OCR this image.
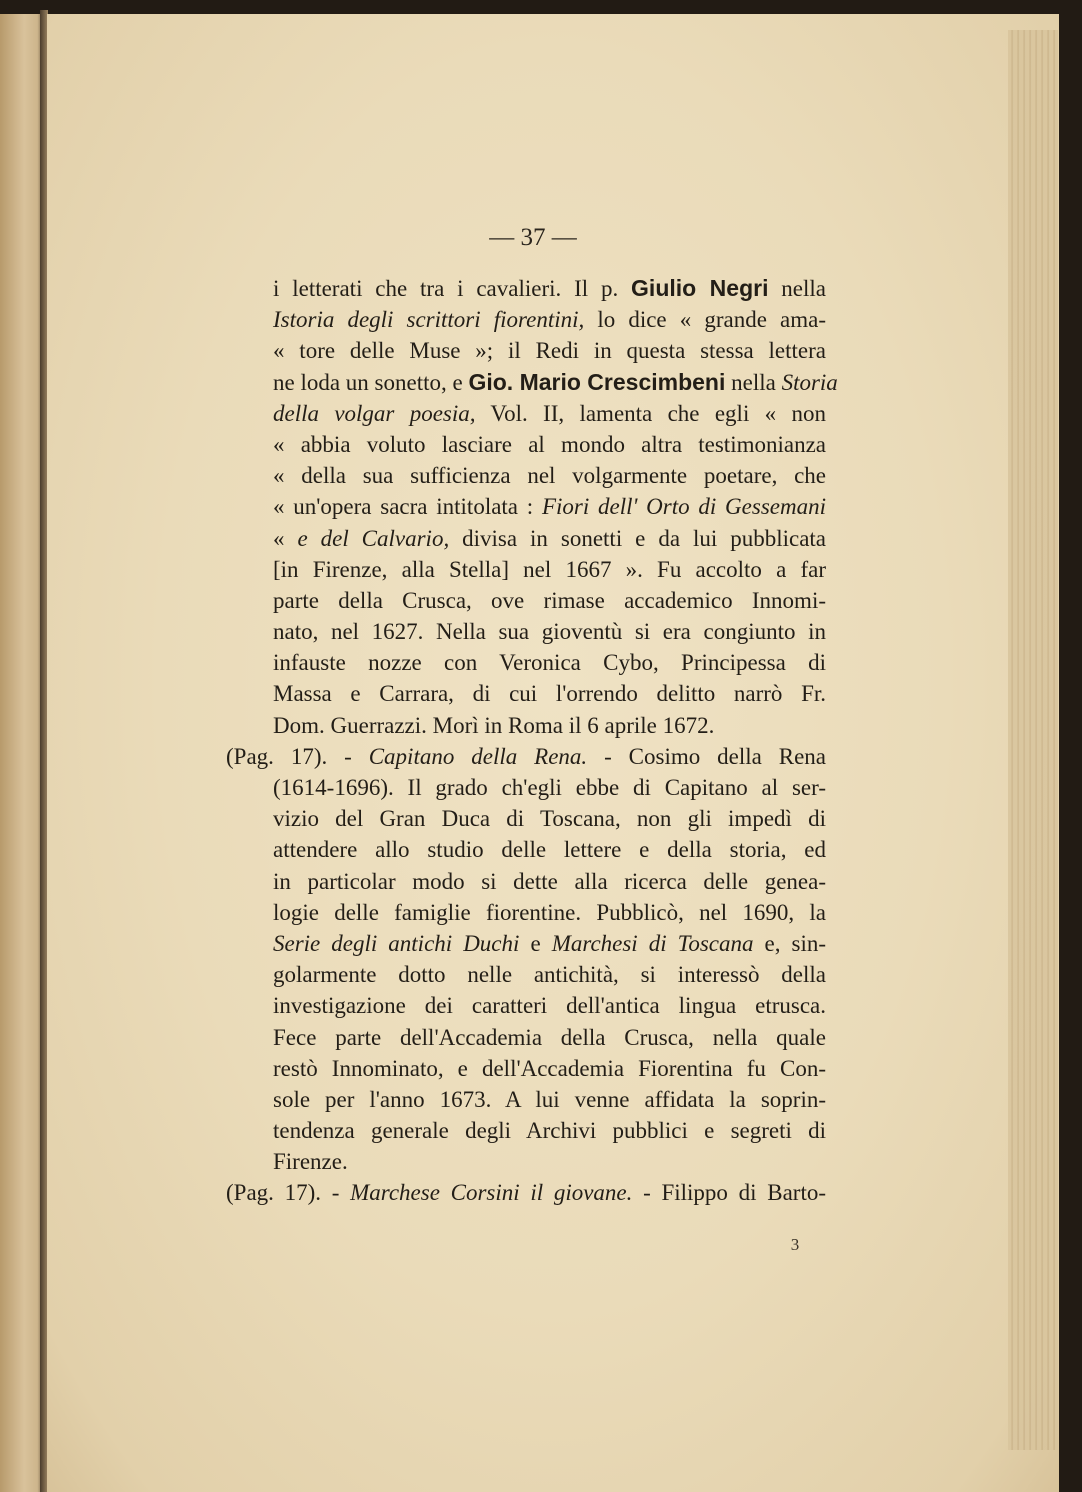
— 37 —
i letterati che tra i cavalieri. Il p. Giulio Negri nella
Istoria degli scrittori fiorentini, lo dice « grande ama-
« tore delle Muse »; il Redi in questa stessa lettera
ne loda un sonetto, e Gio. Mario Crescimbeni nella Storia
della volgar poesia, Vol. II, lamenta che egli « non
« abbia voluto lasciare al mondo altra testimonianza
« della sua sufficienza nel volgarmente poetare, che
« un'opera sacra intitolata : Fiori dell' Orto di Gessemani
« e del Calvario, divisa in sonetti e da lui pubblicata
[in Firenze, alla Stella] nel 1667 ». Fu accolto a far
parte della Crusca, ove rimase accademico Innomi-
nato, nel 1627. Nella sua gioventù si era congiunto in
infauste nozze con Veronica Cybo, Principessa di
Massa e Carrara, di cui l'orrendo delitto narrò Fr.
Dom. Guerrazzi. Morì in Roma il 6 aprile 1672.
(Pag. 17). - Capitano della Rena. - Cosimo della Rena
(1614-1696). Il grado ch'egli ebbe di Capitano al ser-
vizio del Gran Duca di Toscana, non gli impedì di
attendere allo studio delle lettere e della storia, ed
in particolar modo si dette alla ricerca delle genea-
logie delle famiglie fiorentine. Pubblicò, nel 1690, la
Serie degli antichi Duchi e Marchesi di Toscana e, sin-
golarmente dotto nelle antichità, si interessò della
investigazione dei caratteri dell'antica lingua etrusca.
Fece parte dell'Accademia della Crusca, nella quale
restò Innominato, e dell'Accademia Fiorentina fu Con-
sole per l'anno 1673. A lui venne affidata la soprin-
tendenza generale degli Archivi pubblici e segreti di
Firenze.
(Pag. 17). - Marchese Corsini il giovane. - Filippo di Barto-
3
